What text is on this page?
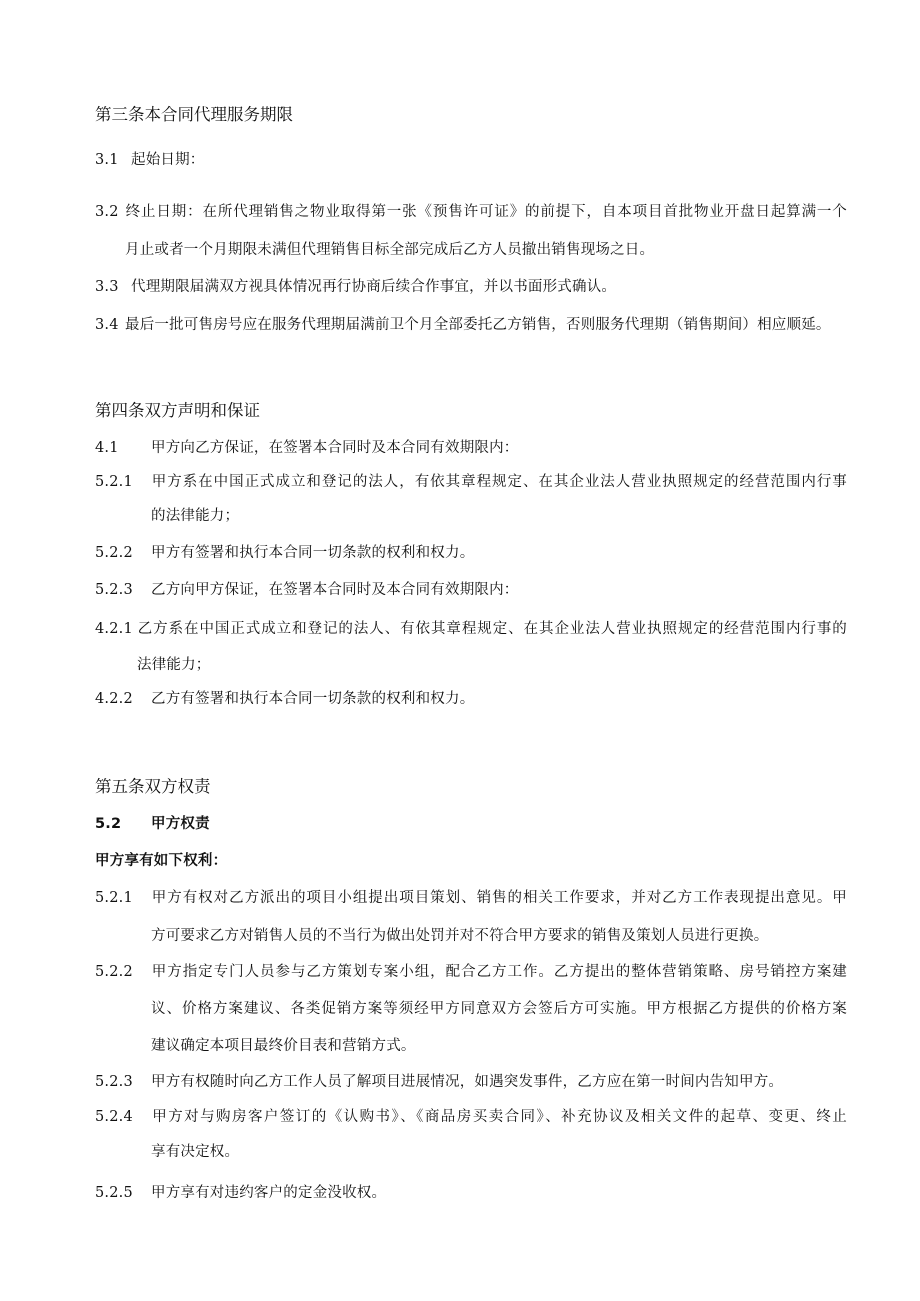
第三条本合同代理服务期限
3.1 起始日期：
3.2 终止日期：在所代理销售之物业取得第一张《预售许可证》的前提下，自本项目首批物业开盘日起算满一个
月止或者一个月期限未满但代理销售目标全部完成后乙方人员撤出销售现场之日。
3.3 代理期限届满双方视具体情况再行协商后续合作事宜，并以书面形式确认。
3.4 最后一批可售房号应在服务代理期届满前卫个月全部委托乙方销售，否则服务代理期（销售期间）相应顺延。
第四条双方声明和保证
4.1 甲方向乙方保证，在签署本合同时及本合同有效期限内：
5.2.1 甲方系在中国正式成立和登记的法人，有依其章程规定、在其企业法人营业执照规定的经营范围内行事
的法律能力；
5.2.2 甲方有签署和执行本合同一切条款的权利和权力。
5.2.3 乙方向甲方保证，在签署本合同时及本合同有效期限内：
4.2.1 乙方系在中国正式成立和登记的法人、有依其章程规定、在其企业法人营业执照规定的经营范围内行事的
法律能力；
4.2.2 乙方有签署和执行本合同一切条款的权利和权力。
第五条双方权责
5.2 甲方权责
甲方享有如下权利：
5.2.1 甲方有权对乙方派出的项目小组提出项目策划、销售的相关工作要求，并对乙方工作表现提出意见。甲
方可要求乙方对销售人员的不当行为做出处罚并对不符合甲方要求的销售及策划人员进行更换。
5.2.2 甲方指定专门人员参与乙方策划专案小组，配合乙方工作。乙方提出的整体营销策略、房号销控方案建
议、价格方案建议、各类促销方案等须经甲方同意双方会签后方可实施。甲方根据乙方提供的价格方案
建议确定本项目最终价目表和营销方式。
5.2.3 甲方有权随时向乙方工作人员了解项目进展情况，如遇突发事件，乙方应在第一时间内告知甲方。
5.2.4 甲方对与购房客户签订的《认购书》、《商品房买卖合同》、补充协议及相关文件的起草、变更、终止
享有决定权。
5.2.5 甲方享有对违约客户的定金没收权。
